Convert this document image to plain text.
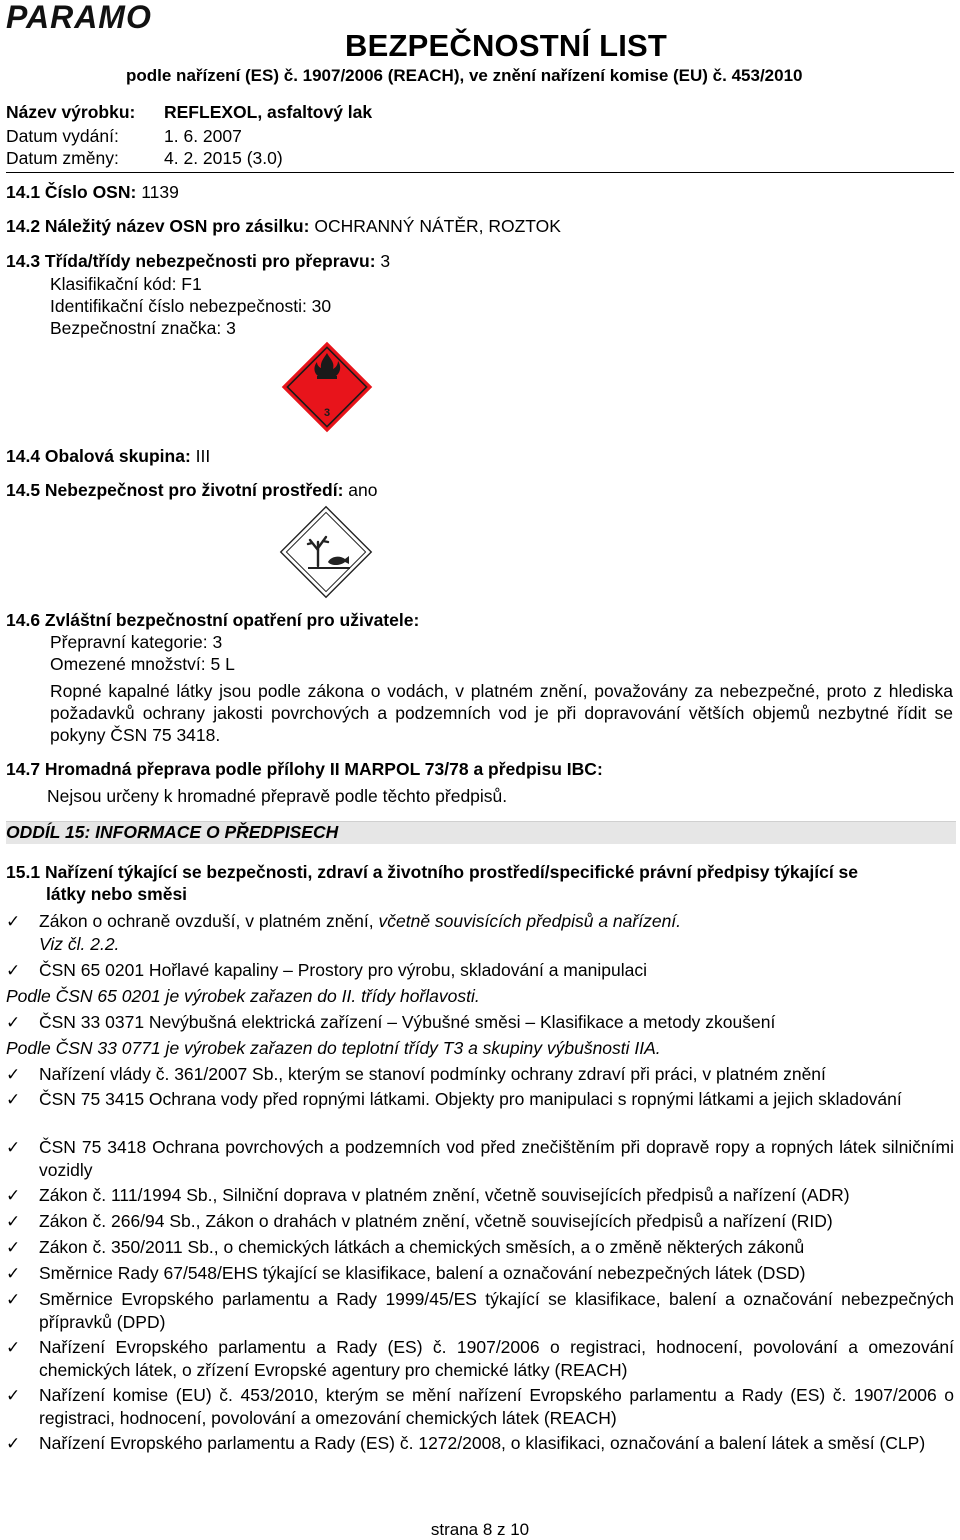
PARAMO
BEZPEČNOSTNÍ LIST
podle nařízení (ES) č. 1907/2006 (REACH), ve znění nařízení komise (EU) č. 453/2010
Název výrobku: REFLEXOL, asfaltový lak
Datum vydání:	1. 6. 2007
Datum změny:	4. 2. 2015 (3.0)
14.1 Číslo OSN: 1139
14.2 Náležitý název OSN pro zásilku: OCHRANNÝ NÁTĚR, ROZTOK
14.3 Třída/třídy nebezpečnosti pro přepravu: 3
Klasifikační kód: F1
Identifikační číslo nebezpečnosti: 30
Bezpečnostní značka: 3
3
14.4 Obalová skupina: III
14.5 Nebezpečnost pro životní prostředí: ano
14.6 Zvláštní bezpečnostní opatření pro uživatele:
Přepravní kategorie: 3
Omezené množství: 5 L
Ropné kapalné látky jsou podle zákona o vodách, v platném znění, považovány za nebezpečné, proto z hlediska požadavků ochrany jakosti povrchových a podzemních vod je při dopravování větších objemů nezbytné řídit se pokyny ČSN 75 3418.
14.7 Hromadná přeprava podle přílohy II MARPOL 73/78 a předpisu IBC:
Nejsou určeny k hromadné přepravě podle těchto předpisů.
ODDÍL 15: INFORMACE O PŘEDPISECH
15.1 Nařízení týkající se bezpečnosti, zdraví a životního prostředí/specifické právní předpisy týkající se
látky nebo směsi
✓ Zákon o ochraně ovzduší, v platném znění, včetně souvisících předpisů a nařízení.
Viz čl. 2.2.
✓ ČSN 65 0201 Hořlavé kapaliny – Prostory pro výrobu, skladování a manipulaci
Podle ČSN 65 0201 je výrobek zařazen do II. třídy hořlavosti.
✓ ČSN 33 0371 Nevýbušná elektrická zařízení – Výbušné směsi – Klasifikace a metody zkoušení
Podle ČSN 33 0771 je výrobek zařazen do teplotní třídy T3 a skupiny výbušnosti IIA.
✓ Nařízení vlády č. 361/2007 Sb., kterým se stanoví podmínky ochrany zdraví při práci, v platném znění
✓ ČSN 75 3415 Ochrana vody před ropnými látkami. Objekty pro manipulaci s ropnými látkami a jejich skladování
✓ ČSN 75 3418 Ochrana povrchových a podzemních vod před znečištěním při dopravě ropy a ropných látek silničními vozidly
✓ Zákon č. 111/1994 Sb., Silniční doprava v platném znění, včetně souvisejících předpisů a nařízení (ADR)
✓ Zákon č. 266/94 Sb., Zákon o drahách v platném znění, včetně souvisejících předpisů a nařízení (RID)
✓ Zákon č. 350/2011 Sb., o chemických látkách a chemických směsích, a o změně některých zákonů
✓ Směrnice Rady 67/548/EHS týkající se klasifikace, balení a označování nebezpečných látek (DSD)
✓ Směrnice Evropského parlamentu a Rady 1999/45/ES týkající se klasifikace, balení a označování nebezpečných přípravků (DPD)
✓ Nařízení Evropského parlamentu a Rady (ES) č. 1907/2006 o registraci, hodnocení, povolování a omezování chemických látek, o zřízení Evropské agentury pro chemické látky (REACH)
✓ Nařízení komise (EU) č. 453/2010, kterým se mění nařízení Evropského parlamentu a Rady (ES) č. 1907/2006 o registraci, hodnocení, povolování a omezování chemických látek (REACH)
✓ Nařízení Evropského parlamentu a Rady (ES) č. 1272/2008, o klasifikaci, označování a balení látek a směsí (CLP)
strana 8 z 10
